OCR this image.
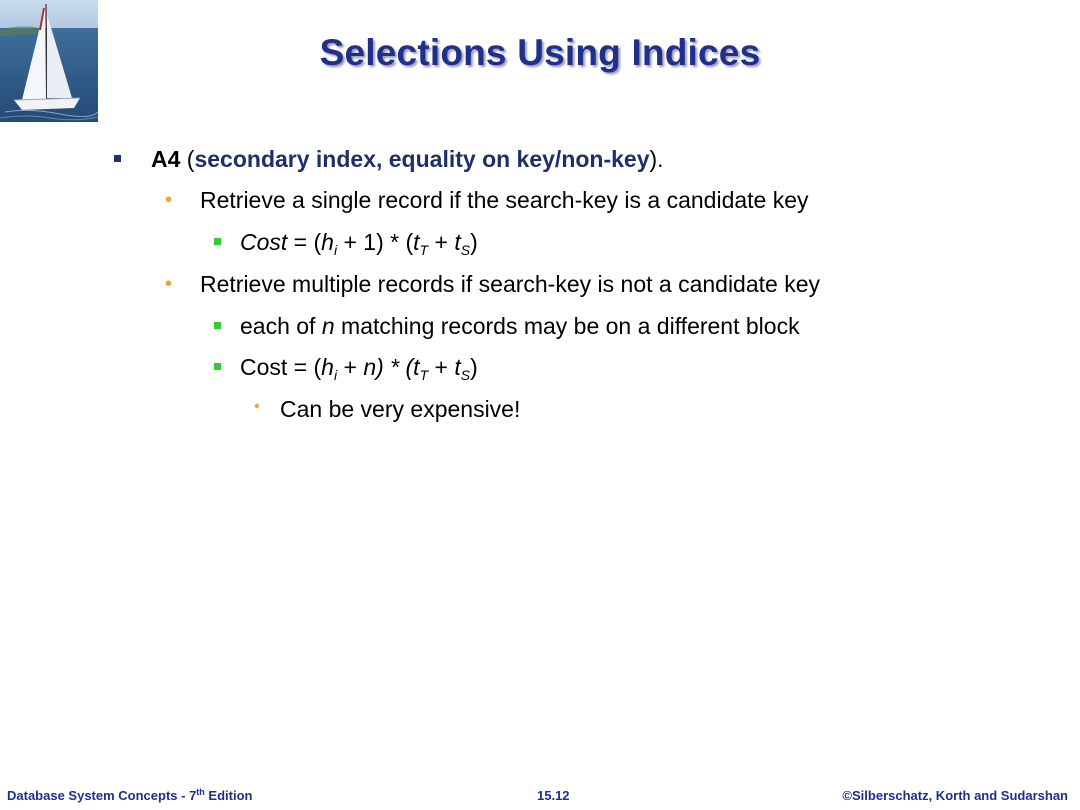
Selections Using Indices
A4 (secondary index, equality on key/non-key).
• Retrieve a single record if the search-key is a candidate key
Cost = $(h_i + 1) * (t_T + t_S)$
• Retrieve multiple records if search-key is not a candidate key
each of n matching records may be on a different block
Cost = $(h_i + n) * (t_T + t_S)$
• Can be very expensive!
Database System Concepts - 7th Edition	15.12	©Silberschatz, Korth and Sudarshan
